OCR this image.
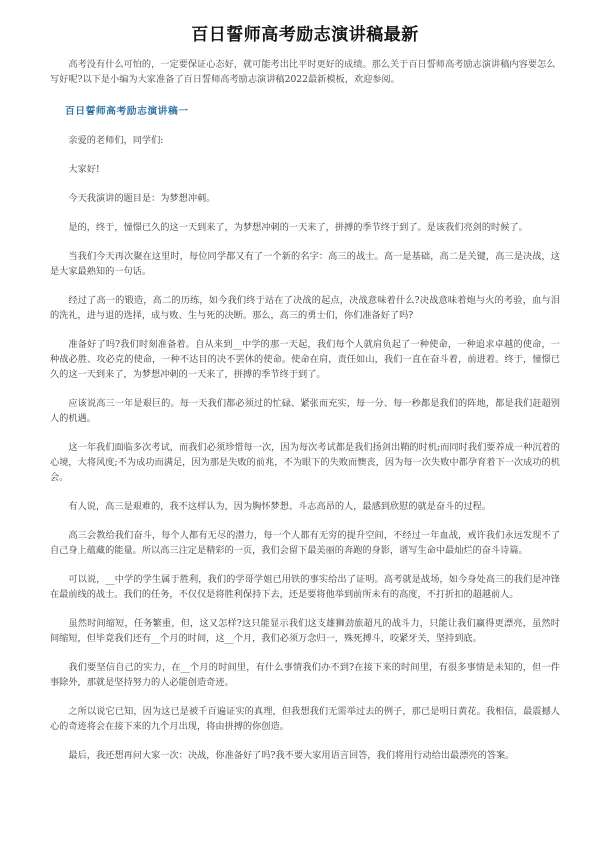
百日誓师高考励志演讲稿最新
高考没有什么可怕的，一定要保证心态好，就可能考出比平时更好的成绩。那么关于百日誓师高考励志演讲稿内容要怎么写好呢?以下是小编为大家准备了百日誓师高考励志演讲稿2022最新模板，欢迎参阅。
百日誓师高考励志演讲稿一

亲爱的老师们，同学们:

大家好!

今天我演讲的题目是：为梦想冲刺。

是的，终于，憧憬已久的这一天到来了，为梦想冲刺的一天来了，拼搏的季节终于到了。是该我们亮剑的时候了。

当我们今天再次聚在这里时，每位同学都又有了一个新的名字：高三的战士。高一是基础，高二是关键，高三是决战，这是大家最熟知的一句话。

经过了高一的锻造，高二的历练，如今我们终于站在了决战的起点，决战意味着什么?决战意味着炮与火的考验，血与泪的洗礼，进与退的选择，成与败、生与死的决断。那么，高三的勇士们，你们准备好了吗?

准备好了吗?我们时刻准备着。自从来到__中学的那一天起，我们每个人就肩负起了一种使命，一种追求卓越的使命，一种战必胜、攻必克的使命，一种不达目的决不罢休的使命。使命在肩，责任如山，我们一直在奋斗着，前进着。终于，憧憬已久的这一天到来了，为梦想冲刺的一天来了，拼搏的季节终于到了。

应该说高三一年是艰巨的。每一天我们都必须过的忙碌、紧张而充实，每一分、每一秒都是我们的阵地，都是我们赶超别人的机遇。

这一年我们面临多次考试，而我们必须珍惜每一次，因为每次考试都是我们扬剑出鞘的时机;而同时我们要养成一种沉着的心境，大将风度;不为成功而满足，因为那是失败的前兆，不为眼下的失败而懊丧，因为每一次失败中都孕育着下一次成功的机会。

有人说，高三是艰难的，我不这样认为，因为胸怀梦想、斗志高昂的人，最感到欣慰的就是奋斗的过程。

高三会教给我们奋斗，每个人都有无尽的潜力，每一个人都有无穷的提升空间，不经过一年血战，戒许我们永远发现不了自己身上蕴藏的能量。所以高三注定是精彩的一页，我们会留下最美丽的奔跑的身影，谱写生命中最灿烂的奋斗诗篇。

可以说，__中学的学生属于胜利，我们的学哥学姐已用铁的事实给出了证明。高考就是战场，如今身处高三的我们是冲锋在最前线的战士。我们的任务，不仅仅是将胜利保持下去，还是要将他举到前所未有的高度，不打折扣的超越前人。

虽然时间缩短，任务繁重，但，这又怎样?这只能显示我们这支雄狮劲旅超凡的战斗力，只能让我们赢得更漂亮，虽然时间缩短，但毕竟我们还有__个月的时间，这__个月，我们必须万念归一，殊死搏斗，咬紧牙关，坚持到底。

我们要坚信自己的实力，在__个月的时间里，有什么事情我们办不到?在接下来的时间里，有很多事情是未知的，但一件事除外，那就是坚持努力的人必能创造奇迹。

之所以说它已知，因为这已是被千百遍证实的真理，但我想我们无需举过去的例子，那已是明日黄花。我相信，最震撼人心的奇迹将会在接下来的九个月出现，将由拼搏的你创造。

最后，我还想再问大家一次：决战，你准备好了吗?我不要大家用语言回答，我们将用行动给出最漂亮的答案。
